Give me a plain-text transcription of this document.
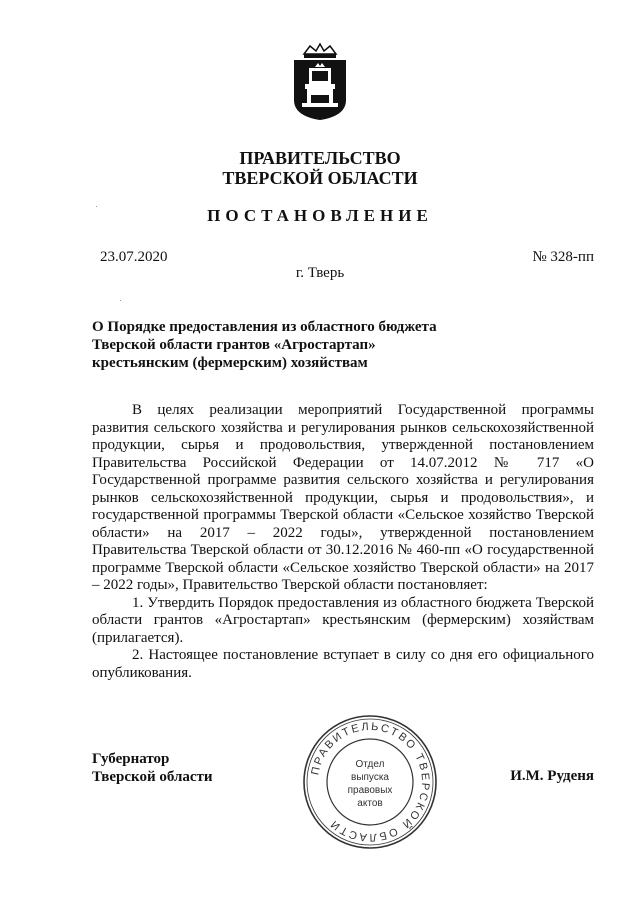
ПРАВИТЕЛЬСТВО
ТВЕРСКОЙ ОБЛАСТИ
ПОСТАНОВЛЕНИЕ
23.07.2020	№ 328-пп
г. Тверь
О Порядке предоставления из областного бюджета
Тверской области грантов «Агростартап»
крестьянским (фермерским) хозяйствам

В целях реализации мероприятий Государственной программы развития сельского хозяйства и регулирования рынков сельскохозяйственной продукции, сырья и продовольствия, утвержденной постановлением Правительства Российской Федерации от 14.07.2012 № 717 «О Государственной программе развития сельского хозяйства и регулирования рынков сельскохозяйственной продукции, сырья и продовольствия», и государственной программы Тверской области «Сельское хозяйство Тверской области» на 2017 – 2022 годы», утвержденной постановлением Правительства Тверской области от 30.12.2016 № 460-пп «О государственной программе Тверской области «Сельское хозяйство Тверской области» на 2017 – 2022 годы», Правительство Тверской области постановляет:

1. Утвердить Порядок предоставления из областного бюджета Тверской области грантов «Агростартап» крестьянским (фермерским) хозяйствам (прилагается).

2. Настоящее постановление вступает в силу со дня его официального опубликования.

Губернатор
Тверской области	И.М. Руденя
ПРАВИТЕЛЬСТВО ТВЕРСКОЙ ОБЛАСТИ
Отдел
выпуска
правовых
актов
